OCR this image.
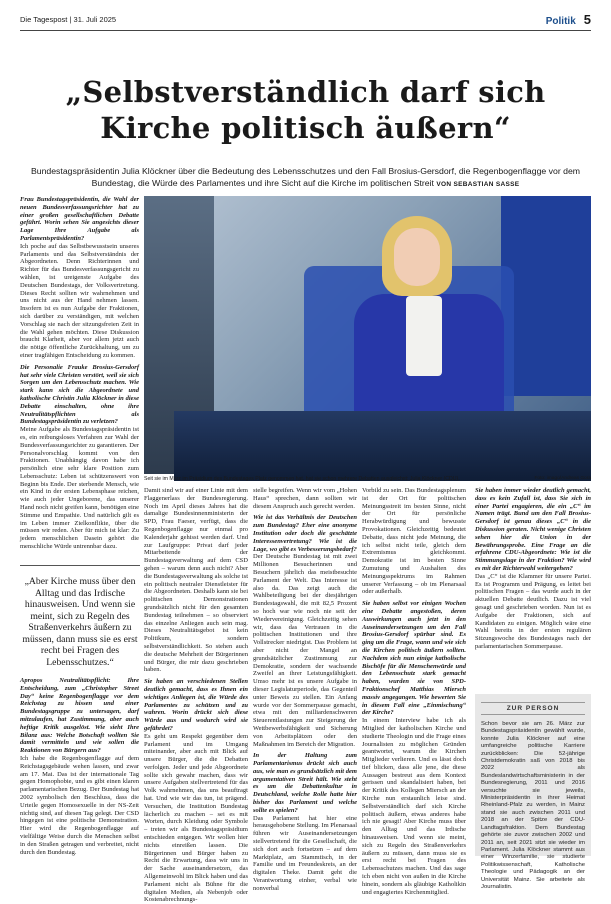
Die Tagespost | 31. Juli 2025	Politik 5
„Selbstverständlich darf sich
Kirche politisch äußern“
Bundestagspräsidentin Julia Klöckner über die Bedeutung des Lebensschutzes und den Fall Brosius-Gersdorf, die Regenbogenflagge vor dem Bundestag, die Würde des Parlamentes und ihre Sicht auf die Kirche im politischen Streit VON SEBASTIAN SASSE

Frau Bundestagspräsidentin, die Wahl der neuen Bundesverfassungsrichter hat zu einer großen gesellschaftlichen Debatte geführt. Worin sehen Sie angesichts dieser Lage Ihre Aufgabe als Parlamentspräsidentin?

Ich poche auf das Selbstbewusstsein unseres Parlaments und das Selbstverständnis der Abgeordneten. Denn Richterinnen und Richter für das Bundesverfassungsgericht zu wählen, ist ureigenste Aufgabe des Deutschen Bundestags, der Volksvertretung. Dieses Recht sollten wir wahrnehmen und uns nicht aus der Hand nehmen lassen. Insofern ist es nun Aufgabe der Fraktionen, sich darüber zu verständigen, mit welchen Vorschlag sie nach der sitzungsfreien Zeit in die Wahl gehen möchten. Diese Diskussion braucht Klarheit, aber vor allem jetzt auch die nötige öffentliche Zurückhaltung, um zu einer tragfähigen Entscheidung zu kommen.

Die Personalie Frauke Brosius-Gersdorf hat sehr viele Christen verstört, weil sie sich Sorgen um den Lebensschutz machen. Wie stark kann sich die Abgeordnete und katholische Christin Julia Klöckner in diese Debatte einschalten, ohne ihre Neutralitätspflichten als Bundestagspräsidentin zu verletzen?

Meine Aufgabe als Bundestagspräsidentin ist es, ein reibungsloses Verfahren zur Wahl der Bundesverfassungsrichter zu garantieren. Der Personalvorschlag kommt von den Fraktionen. Unabhängig davon habe ich persönlich eine sehr klare Position zum Lebensschutz: Leben ist schützenswert von Beginn bis Ende. Der sterbende Mensch, wie ein Kind in der ersten Lebensphase reichen, wie auch jeder Ungeborene, das unserer Hand noch nicht greifen kann, benötigen eine Stimme und Empathie. Und natürlich gilt es im Leben immer Zielkonflikte, über die müssen wir reden. Aber für mich ist klar: Zu jedem menschlichen Dasein gehört die menschliche Würde untrennbar dazu.

„Aber Kirche muss über den Alltag und das Irdische hinausweisen. Und wenn sie meint, sich zu Regeln des Straßenverkehrs äußern zu müssen, dann muss sie es erst recht bei Fragen des Lebensschutzes.“

Apropos Neutralitätspflicht: Ihre Entscheidung, zum „Christopher Street Day“ keine Regenbogenflagge vor dem Reichstag zu hissen und einer Bundestagsgruppe zu untersagen, darf mitzulaufen, hat Zustimmung, aber auch heftige Kritik ausgelöst. Wie sieht Ihre Bilanz aus: Welche Botschaft wollten Sie damit vermitteln und wie sollen die Reaktionen von Bürgern aus?

Ich habe die Regenbogenflagge auf dem Reichstagsgebäude wehen lassen, und zwar am 17. Mai. Das ist der internationale Tag gegen Homophobie, und es gibt einen klaren parlamentarischen Bezug. Der Bundestag hat 2002 symbolisch den Beschluss, dass die Urteile gegen Homosexuelle in der NS-Zeit nichtig sind, auf diesen Tag gelegt. Der CSD hingegen ist eine politische Demonstration. Hier wird die Regenbogenflagge auf vielfältige Weise durch die Menschen selbst in den Straßen getragen und verbreitet, nicht durch den Bundestag.

Seit sie im März im Präsidium des Bundestages Platz genommen hat, hat sie schon mehrere Debatten ausgleichst: Julia Klöckner (CDU).	Foto: imago/Andreas Gora

Damit sind wir auf einer Linie mit dem Flaggenerlass der Bundesregierung. Noch im April dieses Jahres hat die damalige Bundesinnenministerin der SPD, Frau Faeser, verfügt, dass die Regenbogenflagge nur einmal pro Kalenderjahr gehisst werden darf. Und zur Laufgruppe: Privat darf jeder Mitarbeitende der Bundestagsverwaltung auf dem CSD gehen – warum denn auch nicht? Aber die Bundestagsverwaltung als solche ist ein politisch neutraler Dienstleister für die Abgeordneten. Deshalb kann sie bei politischen Demonstrationen grundsätzlich nicht für den gesamten Bundestag teilnehmen – so observiert das einzelne Anliegen auch sein mag. Dieses Neutralitätsgebot ist kein Politikum, sondern selbstverständlichkeit. So stehen auch die deutsche Mehrheit der Bürgerinnen und Bürger, die mir dazu geschrieben haben.

Sie haben an verschiedenen Stellen deutlich gemacht, dass es Ihnen ein wichtiges Anliegen ist, die Würde des Parlamentes zu schützen und zu wahren. Worin drückt sich diese Würde aus und wodurch wird sie gefährdet?

Es geht um Respekt gegenüber dem Parlament und im Umgang miteinander, aber auch mit Blick auf unsere Bürger, die die Debatten verfolgen. Jeder und jede Abgeordnete sollte sich gewahr machen, dass wir unsere Aufgaben stellvertretend für das Volk wahrnehmen, das uns beauftragt hat. Und wie wir das tun, ist prägend. Versuchen, die Institution Bundestag lächerlich zu machen – sei es mit Worten, durch Kleidung oder Symbole – treten wir als Bundestagspräsidium entschieden entgegen. Wir wollen hier nichts einreißen lassen. Die Bürgerinnen und Bürger haben zu Recht die Erwartung, dass wir uns in der Sache auseinandersetzen, das Allgemeinwohl im Blick haben und das Parlament nicht als Bühne für die digitalen Medien, als Nebenjob oder Kostenabrechnungs-

stelle begreifen. Wenn wir vom „Hohen Haus“ sprechen, dann sollten wir diesem Anspruch auch gerecht werden.

Wie ist das Verhältnis der Deutschen zum Bundestag? Eher eine anonyme Institution oder doch die geschätzte Interessenvertretung? Wie ist die Lage, wo gibt es Verbesserungsbedarf?

Der Deutsche Bundestag ist mit zwei Millionen Besucherinnen und Besuchern jährlich das meistbesuchte Parlament der Welt. Das Interesse ist also da. Das zeigt auch die Wahlbeteiligung bei der diesjährigen Bundestagswahl, die mit 82,5 Prozent so hoch war wie noch nie seit der Wiedervereinigung. Gleichzeitig sehen wir, dass das Vertrauen in die politischen Institutionen und ihre Vollstrecker niedrigist. Das Problem ist aber nicht der Mangel an grundsätzlicher Zustimmung zur Demokratie, sondern der wachsende Zweifel an ihrer Leistungsfähigkeit. Umso mehr ist es unsere Aufgabe in dieser Legislaturperiode, das Gegenteil unter Beweis zu stellen. Ein Anfang wurde vor der Sommerpause gemacht, etwa mit den milliardenschweren Steuerentlastungen zur Steigerung der Wettbewerbsfähigkeit und Sicherung von Arbeitsplätzen oder den Maßnahmen im Bereich der Migration.

In der Haltung zum Parlamentarismus drückt sich auch aus, wie man es grundsätzlich mit dem argumentativen Streit hält. Wie steht es um die Debattenkultur in Deutschland, welche Rolle hatte hier bisher das Parlament und welche sollte es spielen?

Das Parlament hat hier eine herausgehobene Stellung. Im Plenarsaal führen wir Auseinandersetzungen stellvertretend für die Gesellschaft, die sich dort auch fortsetzen – auf dem Marktplatz, am Stammtisch, in der Familie und im Freundeskreis, an der digitalen Theke. Damit geht die Verantwortung einher, verbal wie nonverbal

Vorbild zu sein. Das Bundestagsplenum ist der Ort für politischen Meinungsstreit im besten Sinne, nicht der Ort für persönliche Herabwürdigung und bewusste Provokationen. Gleichzeitig bedeutet Debatte, dass nicht jede Meinung, die ich selbst nicht teile, gleich dem Extremismus gleichkommt. Demokratie ist im besten Sinne Zumutung und Aushalten des Meinungsspektrums im Rahmen unserer Verfassung – ob im Plenarsaal oder außerhalb.

Sie haben selbst vor einigen Wochen eine Debatte angestoßen, deren Auswirkungen auch jetzt in den Auseinandersetzungen um den Fall Brosius-Gersdorf spürbar sind. Es ging um die Frage, wann und wie sich die Kirchen politisch äußern sollten. Nachdem sich nun einige katholische Bischöfe für die Menschenwürde und den Lebensschutz stark gemacht haben, wurden sie von SPD-Fraktionschef Matthias Miersch massiv angegangen. Wie bewerten Sie in diesem Fall eine „Einmischung“ der Kirche?

In einem Interview habe ich als Mitglied der katholischen Kirche und studierte Theologin und die Frage eines Journalisten zu möglichen Gründen geantwortet, warum die Kirchen Mitglieder verlieren. Und es lässt doch tief blicken, dass alle jene, die diese Aussagen bestreut aus dem Kontext gerissen und skandalisiert haben, bei der Kritik des Kollegen Miersch an der Kirche nun erstaunlich leise sind. Selbstverständlich darf sich Kirche politisch äußern, etwas anderes habe ich nie gesagt! Aber Kirche muss über den Alltag und das Irdische hinausweisen. Und wenn sie meint, sich zu Regeln des Straßenverkehrs äußern zu müssen, dann muss sie es erst recht bei Fragen des Lebensschutzes machen. Und das sage ich eben nicht von außen in die Kirche hinein, sondern als gläubige Katholikin und engagiertes Kirchenmitglied.

Sie haben immer wieder deutlich gemacht, dass es kein Zufall ist, dass Sie sich in einer Partei engagieren, die ein „C“ im Namen trägt. Bund um den Fall Brosius-Gersdorf ist genau dieses „C“ in die Diskussion geraten. Nicht wenige Christen sehen hier die Union in der Bewährungsprobe. Eine Frage an die erfahrene CDU-Abgeordnete: Wie ist die Stimmungslage in der Fraktion? Wie wird es mit der Richterwahl weitergehen?

Das „C“ ist die Klammer für unsere Partei. Es ist Programm und Prägung, es leitet bei politischen Fragen – das wurde auch in der aktuellen Debatte deutlich. Dazu ist viel gesagt und geschrieben worden. Nun ist es Aufgabe der Fraktionen, sich auf Kandidaten zu einigen. Möglich wäre eine Wahl bereits in der ersten regulären Sitzungswoche des Bundestages nach der parlamentarischen Sommerpause.

ZUR PERSON

Schon bevor sie am 26. März zur Bundestagspräsidentin gewählt wurde, konnte Julia Klöckner auf eine umfangreiche politische Karriere zurückblicken: Die 52-jährige Christdemokratin saß von 2018 bis 2022 als Bundeslandwirtschaftsministerin in der Bundesregierung, 2011 und 2016 versuchte sie jeweils, Ministerpräsidentin in ihrer Heimat Rheinland-Pfalz zu werden, in Mainz stand sie auch zwischen 2011 und 2018 an der Spitze der CDU-Landtagsfraktion. Dem Bundestag gehörte sie zuvor zwischen 2002 und 2011 an, seit 2021 sitzt sie wieder im Parlament. Julia Klöckner stammt aus einer Winzerfamilie, sie studierte Politikwissenschaft, Katholische Theologie und Pädagogik an der Universität Mainz. Sie arbeitete als Journalistin.
